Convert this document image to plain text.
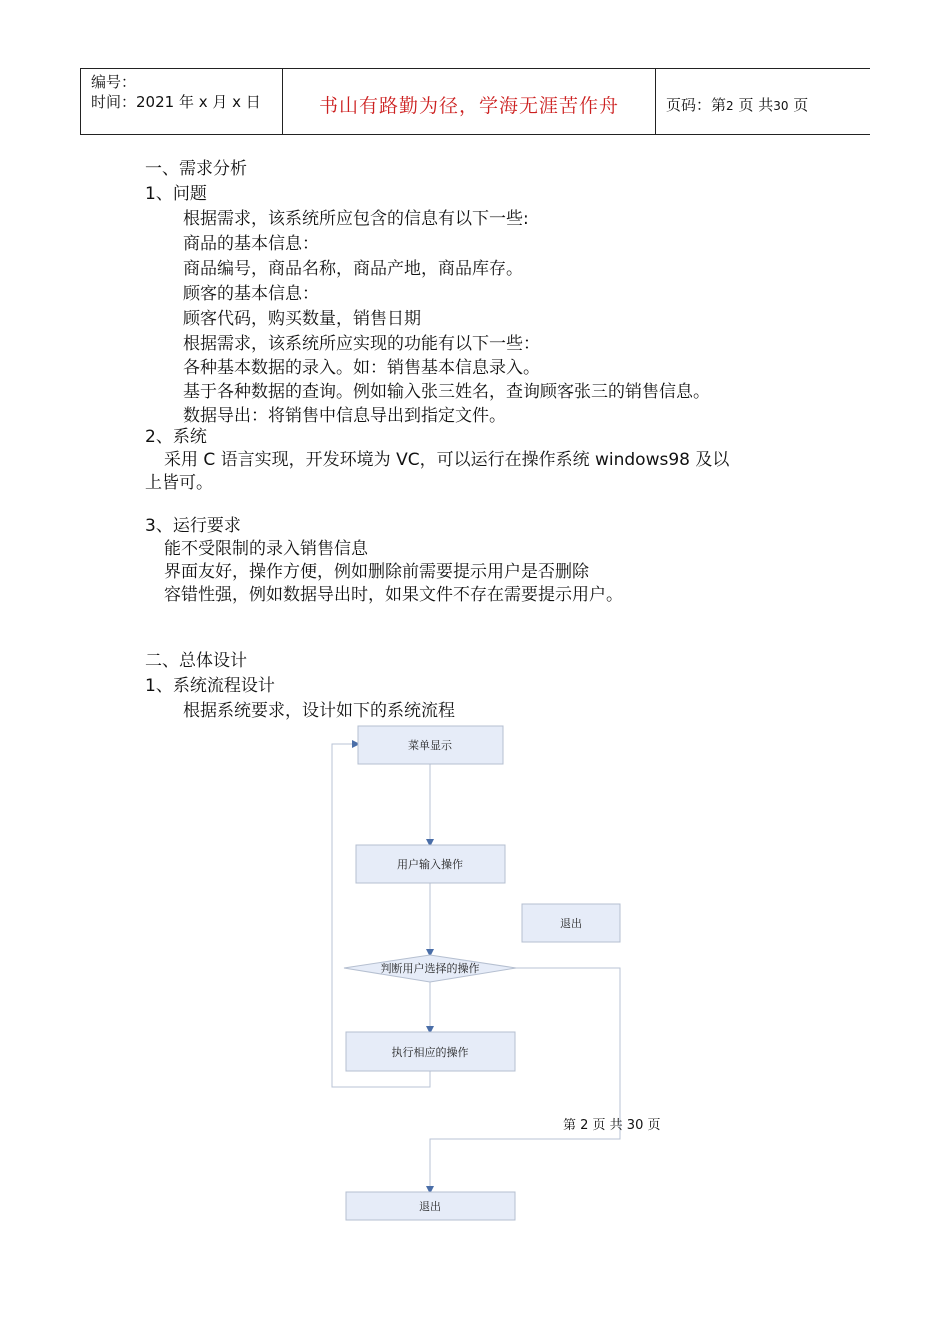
编号：
时间：2021 年 x 月 x 日	书山有路勤为径，学海无涯苦作舟	页码：第2 页 共30 页
一、需求分析
1、问题
根据需求，该系统所应包含的信息有以下一些:
商品的基本信息：
商品编号，商品名称，商品产地，商品库存。
顾客的基本信息：
顾客代码，购买数量，销售日期
根据需求，该系统所应实现的功能有以下一些：
各种基本数据的录入。如：销售基本信息录入。
基于各种数据的查询。例如输入张三姓名，查询顾客张三的销售信息。
数据导出：将销售中信息导出到指定文件。
2、系统
采用 C 语言实现，开发环境为 VC，可以运行在操作系统 windows98 及以
上皆可。
3、运行要求
能不受限制的录入销售信息
界面友好，操作方便，例如删除前需要提示用户是否删除
容错性强，例如数据导出时，如果文件不存在需要提示用户。
二、总体设计
1、系统流程设计
根据系统要求，设计如下的系统流程
菜单显示
用户输入操作
退出
判断用户选择的操作
执行相应的操作
退出
第 2 页 共 30 页
